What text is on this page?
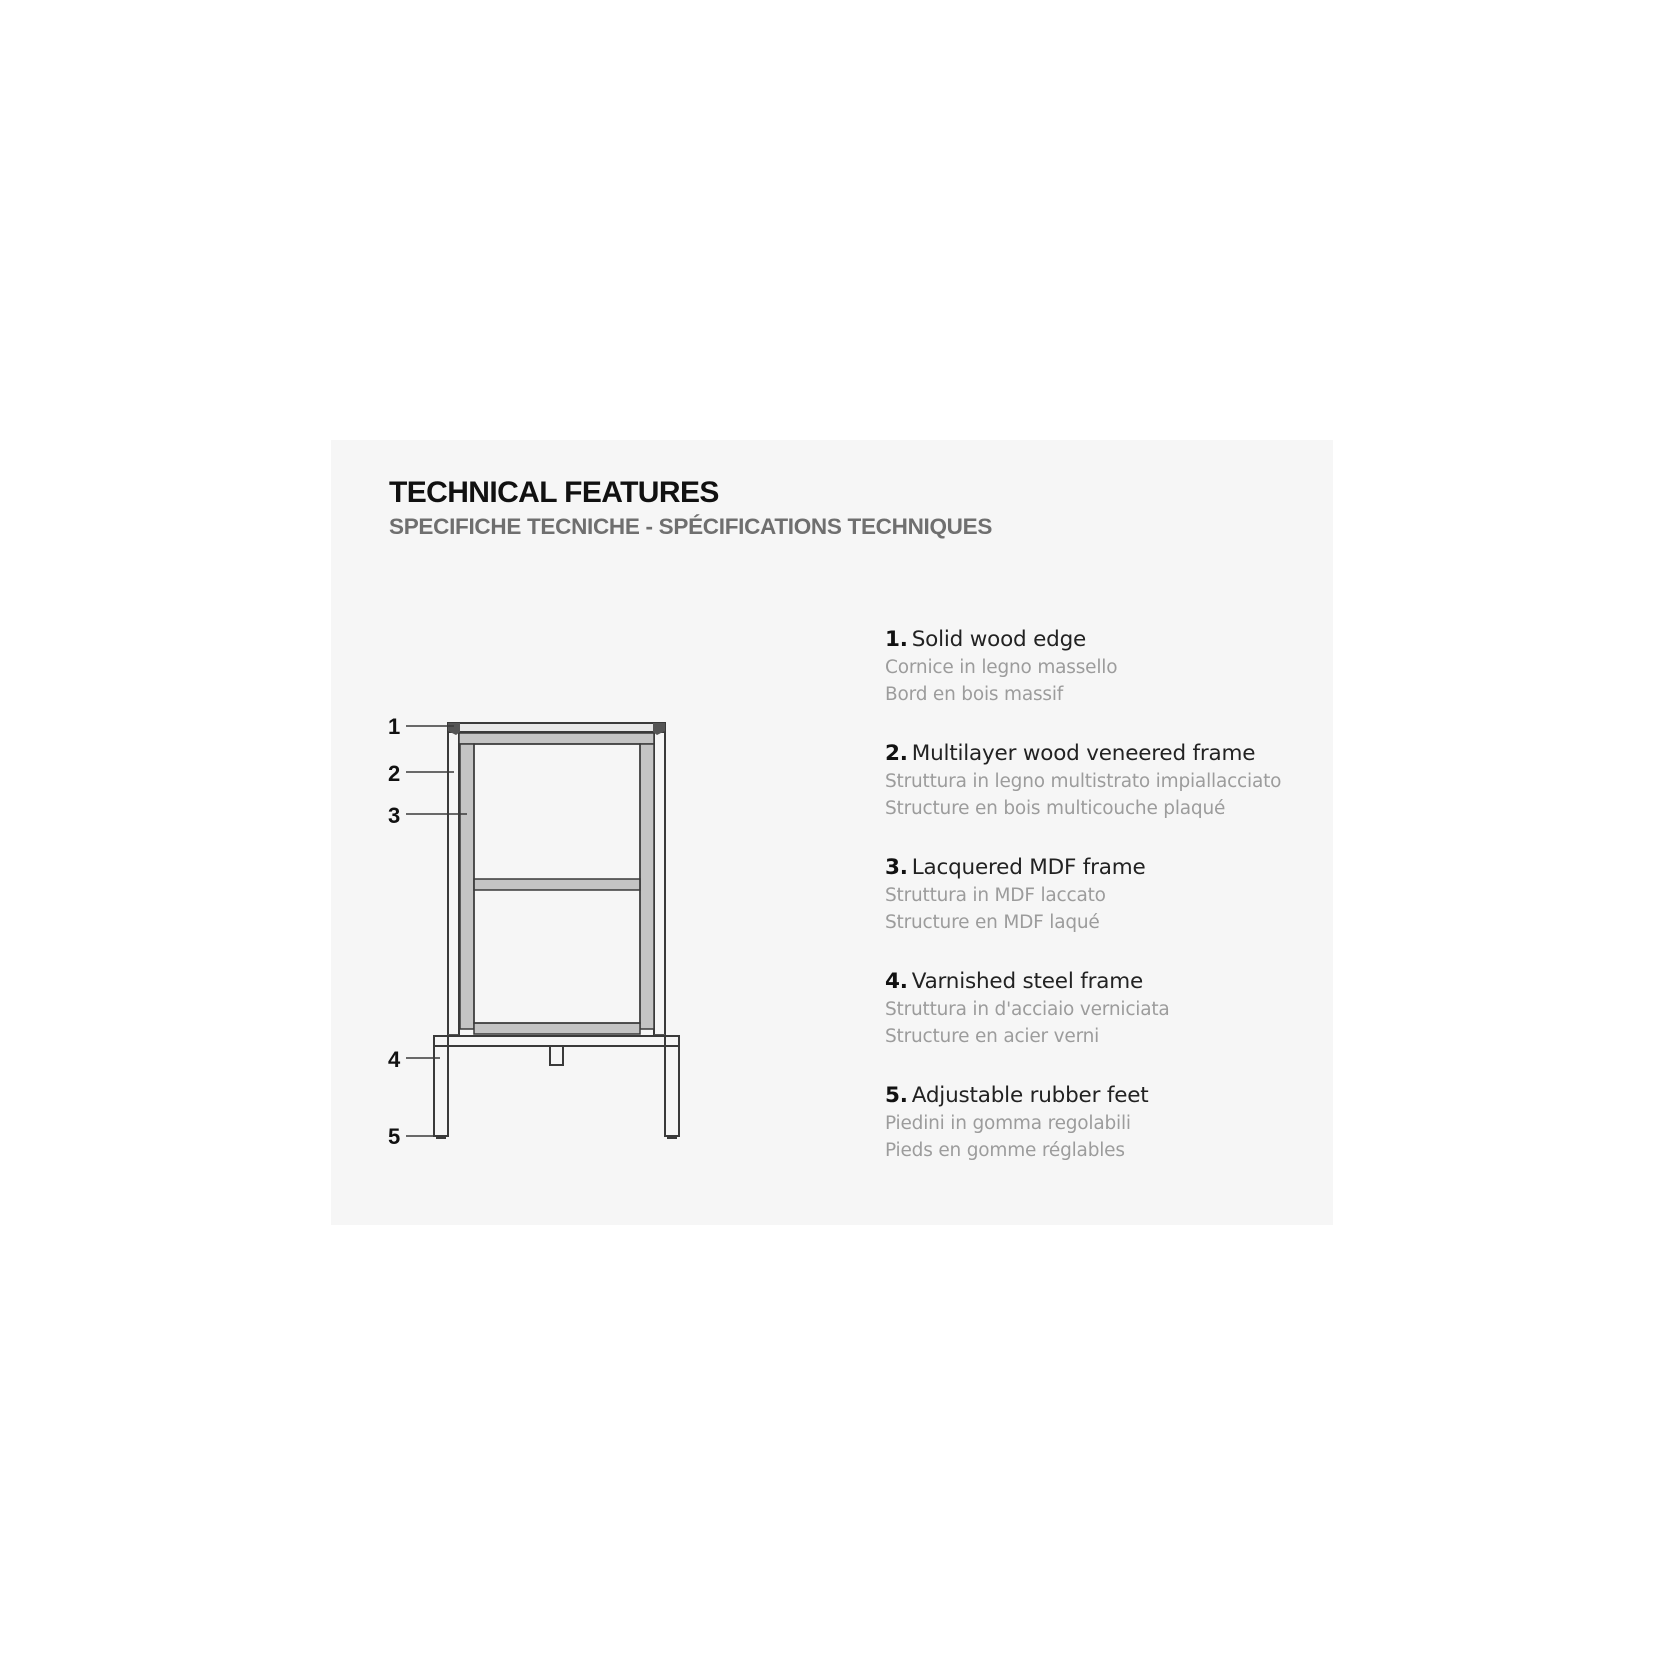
TECHNICAL FEATURES
SPECIFICHE TECNICHE - SPÉCIFICATIONS TECHNIQUES
1
2
3
4
5
1. Solid wood edge
Cornice in legno massello
Bord en bois massif
2. Multilayer wood veneered frame
Struttura in legno multistrato impiallacciato
Structure en bois multicouche plaqué
3. Lacquered MDF frame
Struttura in MDF laccato
Structure en MDF laqué
4. Varnished steel frame
Struttura in d'acciaio verniciata
Structure en acier verni
5. Adjustable rubber feet
Piedini in gomma regolabili
Pieds en gomme réglables
